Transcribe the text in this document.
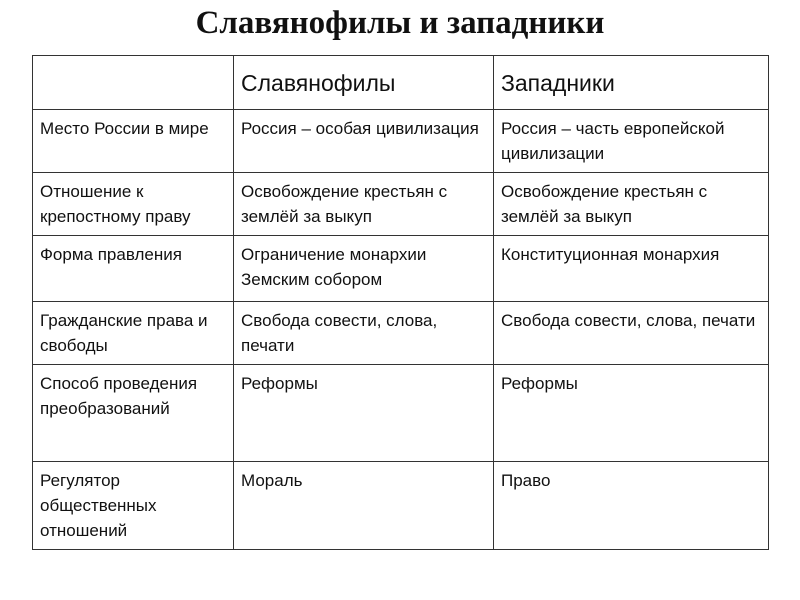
Славянофилы и западники
	Славянофилы	Западники
Место России в мире	Россия – особая цивилизация	Россия – часть европейской цивилизации
Отношение к крепостному праву	Освобождение крестьян с землёй за выкуп	Освобождение крестьян с землёй за выкуп
Форма правления	Ограничение монархии Земским собором	Конституционная монархия
Гражданские права и свободы	Свобода совести, слова, печати	Свобода совести, слова, печати
Способ проведения преобразований	Реформы	Реформы
Регулятор общественных отношений	Мораль	Право
